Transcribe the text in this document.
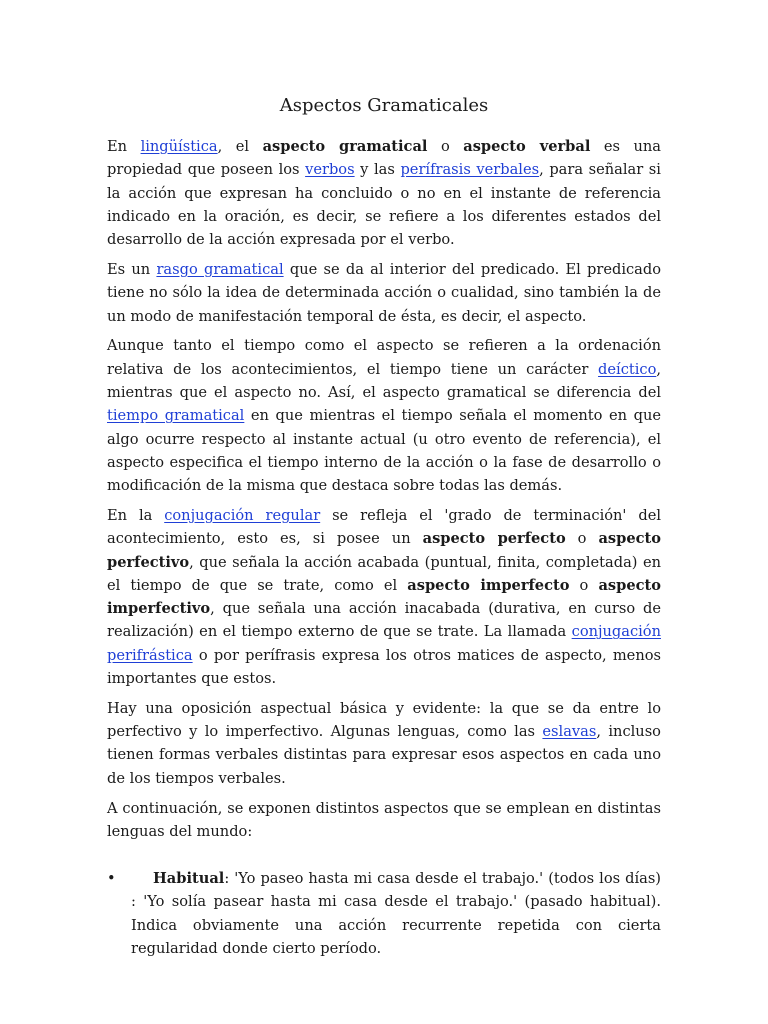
Aspectos Gramaticales

En lingüística, el aspecto gramatical o aspecto verbal es una propiedad que poseen los verbos y las perífrasis verbales, para señalar si la acción que expresan ha concluido o no en el instante de referencia indicado en la oración, es decir, se refiere a los diferentes estados del desarrollo de la acción expresada por el verbo.

Es un rasgo gramatical que se da al interior del predicado. El predicado tiene no sólo la idea de determinada acción o cualidad, sino también la de un modo de manifestación temporal de ésta, es decir, el aspecto.

Aunque tanto el tiempo como el aspecto se refieren a la ordenación relativa de los acontecimientos, el tiempo tiene un carácter deíctico, mientras que el aspecto no. Así, el aspecto gramatical se diferencia del tiempo gramatical en que mientras el tiempo señala el momento en que algo ocurre respecto al instante actual (u otro evento de referencia), el aspecto especifica el tiempo interno de la acción o la fase de desarrollo o modificación de la misma que destaca sobre todas las demás.

En la conjugación regular se refleja el 'grado de terminación' del acontecimiento, esto es, si posee un aspecto perfecto o aspecto perfectivo, que señala la acción acabada (puntual, finita, completada) en el tiempo de que se trate, como el aspecto imperfecto o aspecto imperfectivo, que señala una acción inacabada (durativa, en curso de realización) en el tiempo externo de que se trate. La llamada conjugación perifrástica o por perífrasis expresa los otros matices de aspecto, menos importantes que estos.

Hay una oposición aspectual básica y evidente: la que se da entre lo perfectivo y lo imperfectivo. Algunas lenguas, como las eslavas, incluso tienen formas verbales distintas para expresar esos aspectos en cada uno de los tiempos verbales.

A continuación, se exponen distintos aspectos que se emplean en distintas lenguas del mundo:

•	Habitual: 'Yo paseo hasta mi casa desde el trabajo.' (todos los días) : 'Yo solía pasear hasta mi casa desde el trabajo.' (pasado habitual). Indica obviamente una acción recurrente repetida con cierta regularidad donde cierto período.
